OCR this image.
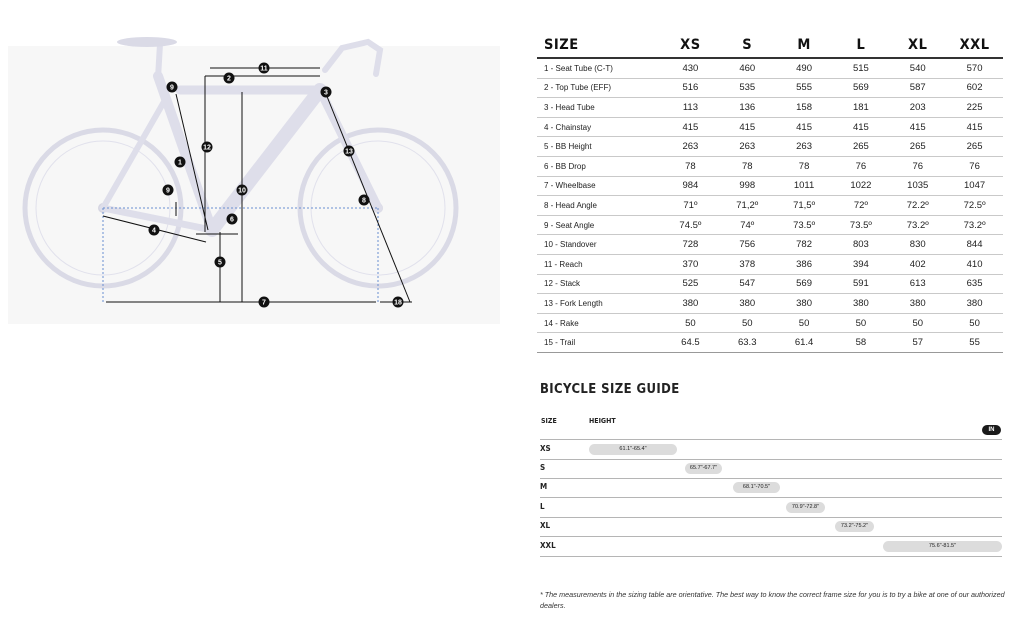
1
2
3
4
5
6
7
8
9
9	10
11
12
13
18
SIZE	XS	S	M	L	XL	XXL
1 - Seat Tube (C-T)	430	460	490	515	540	570
2 - Top Tube (EFF)	516	535	555	569	587	602
3 - Head Tube	113	136	158	181	203	225
4 - Chainstay	415	415	415	415	415	415
5 - BB Height	263	263	263	265	265	265
6 - BB Drop	78	78	78	76	76	76
7 - Wheelbase	984	998	1011	1022	1035	1047
8 - Head Angle	71º	71,2º	71,5º	72º	72.2º	72.5º
9 - Seat Angle	74.5º	74º	73.5º	73.5º	73.2º	73.2º
10 - Standover	728	756	782	803	830	844
11 - Reach	370	378	386	394	402	410
12 - Stack	525	547	569	591	613	635
13 - Fork Length	380	380	380	380	380	380
14 - Rake	50	50	50	50	50	50
15 - Trail	64.5	63.3	61.4	58	57	55
BICYCLE SIZE GUIDE
SIZE	HEIGHT
IN
XS	61.1"-65.4"
S	65.7"-67.7"
M	68.1"-70.5"
L	70.9"-72.8"
XL	73.2"-75.2"
XXL	75.6"-81.5"
* The measurements in the sizing table are orientative. The best way to know the correct frame size for you is to try a bike at one of our authorized dealers.
